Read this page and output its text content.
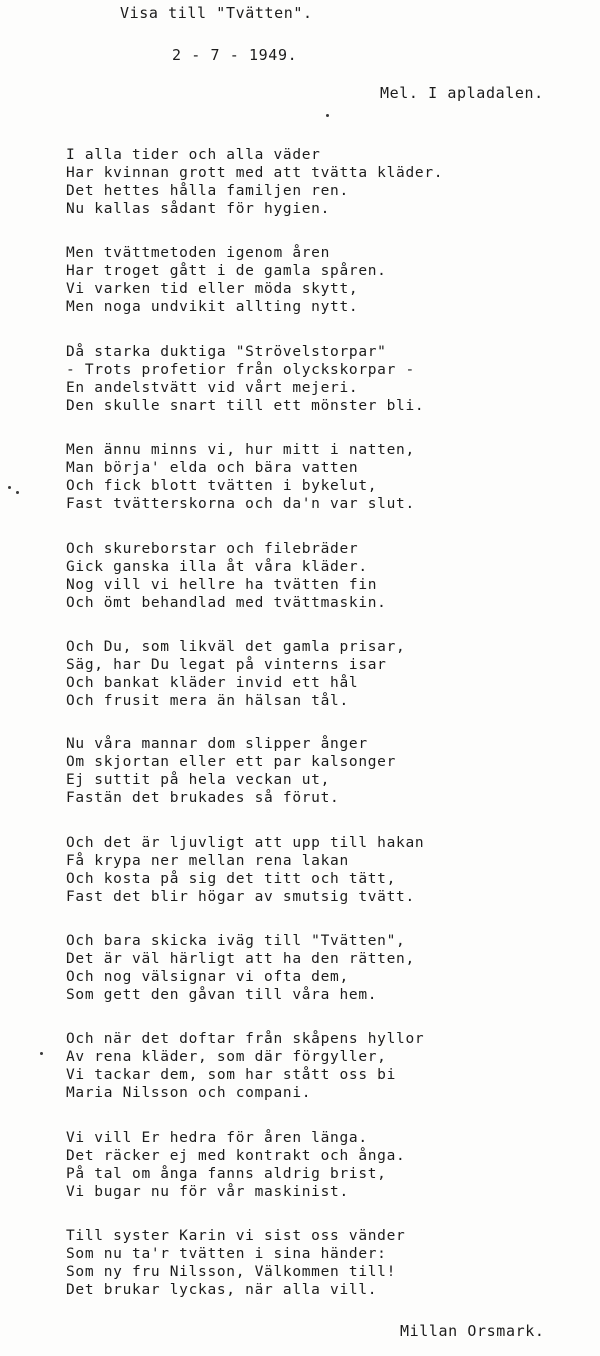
Visa till "Tvätten".
2 - 7 - 1949.
Mel. I apladalen.
I alla tider och alla väder
Har kvinnan grott med att tvätta kläder.
Det hettes hålla familjen ren.
Nu kallas sådant för hygien.
Men tvättmetoden igenom åren
Har troget gått i de gamla spåren.
Vi varken tid eller möda skytt,
Men noga undvikit allting nytt.
Då starka duktiga "Strövelstorpar"
- Trots profetior från olyckskorpar -
En andelstvätt vid vårt mejeri.
Den skulle snart till ett mönster bli.
Men ännu minns vi, hur mitt i natten,
Man börja' elda och bära vatten
Och fick blott tvätten i bykelut,
Fast tvätterskorna och da'n var slut.
Och skureborstar och filebräder
Gick ganska illa åt våra kläder.
Nog vill vi hellre ha tvätten fin
Och ömt behandlad med tvättmaskin.
Och Du, som likväl det gamla prisar,
Säg, har Du legat på vinterns isar
Och bankat kläder invid ett hål
Och frusit mera än hälsan tål.
Nu våra mannar dom slipper ånger
Om skjortan eller ett par kalsonger
Ej suttit på hela veckan ut,
Fastän det brukades så förut.
Och det är ljuvligt att upp till hakan
Få krypa ner mellan rena lakan
Och kosta på sig det titt och tätt,
Fast det blir högar av smutsig tvätt.
Och bara skicka iväg till "Tvätten",
Det är väl härligt att ha den rätten,
Och nog välsignar vi ofta dem,
Som gett den gåvan till våra hem.
Och när det doftar från skåpens hyllor
Av rena kläder, som där förgyller,
Vi tackar dem, som har stått oss bi
Maria Nilsson och compani.
Vi vill Er hedra för åren länga.
Det räcker ej med kontrakt och ånga.
På tal om ånga fanns aldrig brist,
Vi bugar nu för vår maskinist.
Till syster Karin vi sist oss vänder
Som nu ta'r tvätten i sina händer:
Som ny fru Nilsson, Välkommen till!
Det brukar lyckas, när alla vill.
Millan Orsmark.
